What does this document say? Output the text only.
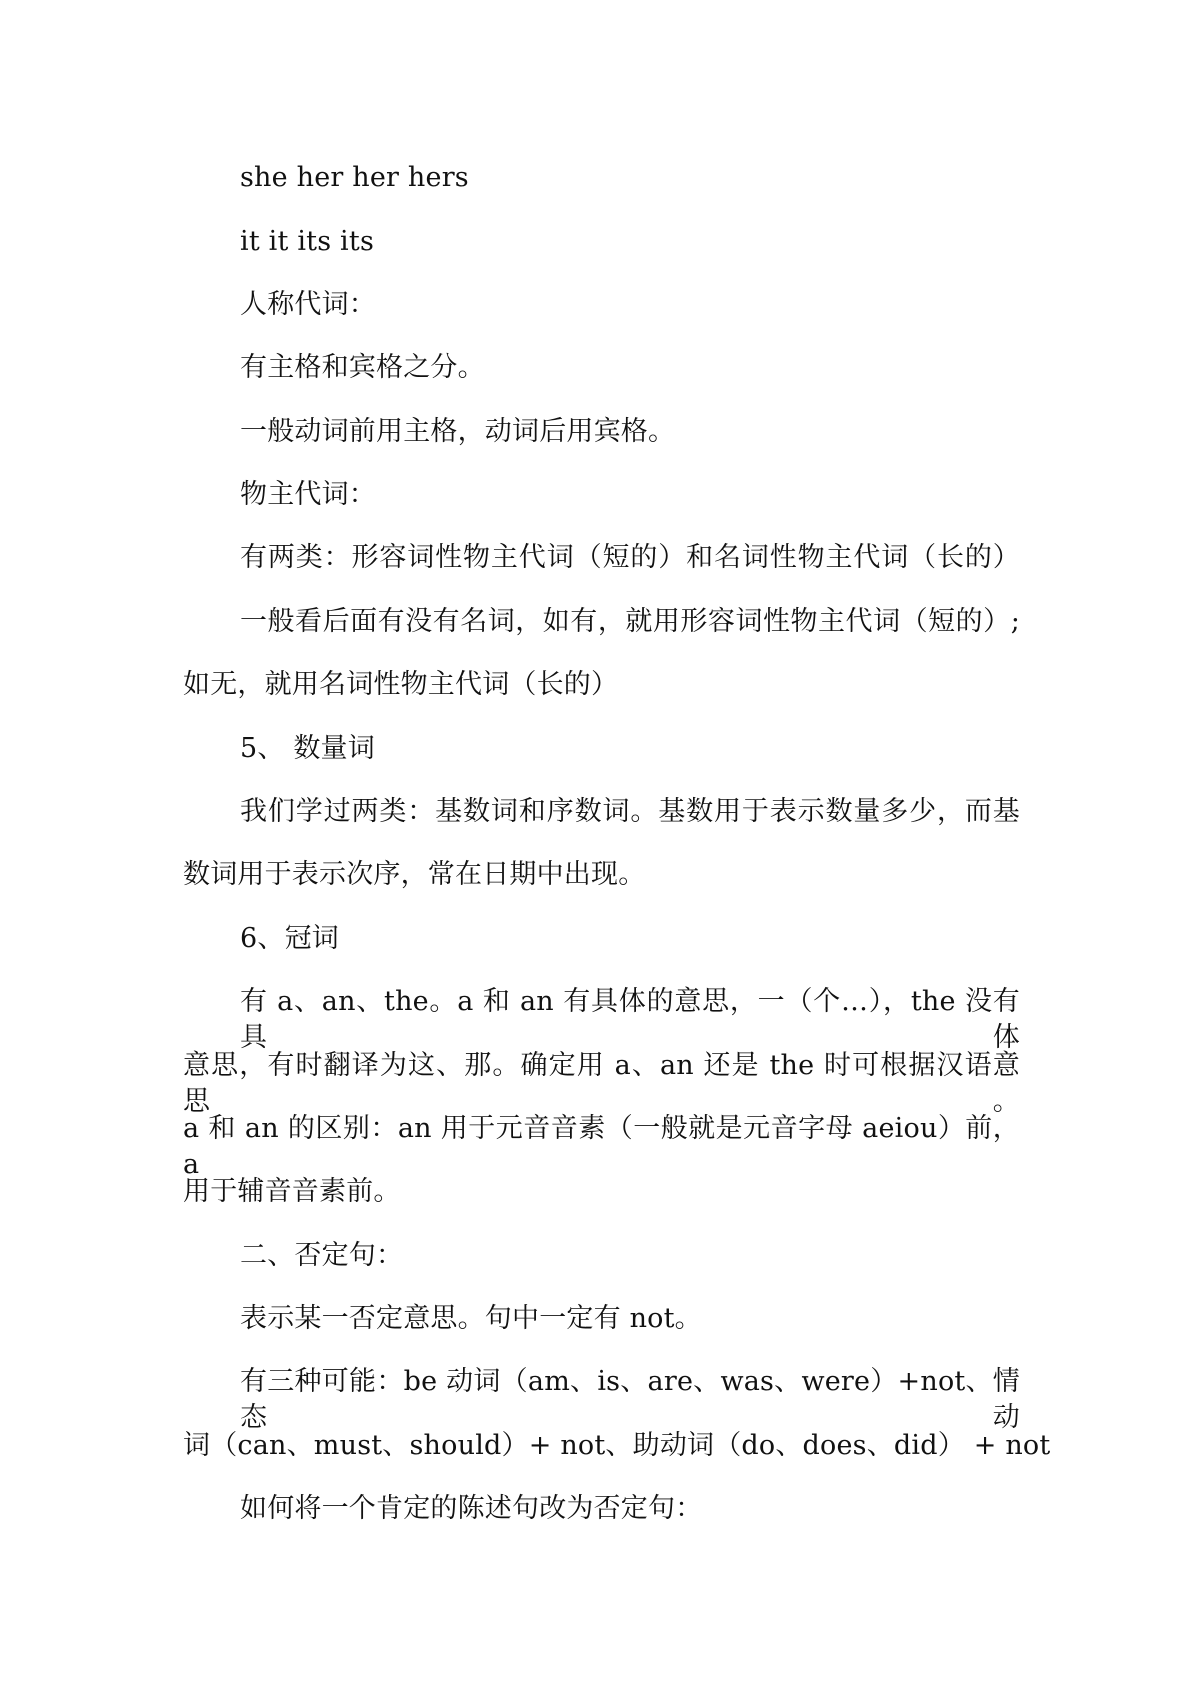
she her her hers
it it its its
人称代词：
有主格和宾格之分。
一般动词前用主格，动词后用宾格。
物主代词：
有两类：形容词性物主代词（短的）和名词性物主代词（长的）
一般看后面有没有名词，如有，就用形容词性物主代词（短的）;
如无，就用名词性物主代词（长的）
5、 数量词
我们学过两类：基数词和序数词。基数用于表示数量多少，而基
数词用于表示次序，常在日期中出现。
6、冠词
有 a、an、the。a 和 an 有具体的意思，一（个…），the 没有具体
意思，有时翻译为这、那。确定用 a、an 还是 the 时可根据汉语意思。
a 和 an 的区别：an 用于元音音素（一般就是元音字母 aeiou）前，a
用于辅音音素前。
二、否定句：
表示某一否定意思。句中一定有 not。
有三种可能：be 动词（am、is、are、was、were）+not、情态动
词（can、must、should）+ not、助动词（do、does、did） + not
如何将一个肯定的陈述句改为否定句：
